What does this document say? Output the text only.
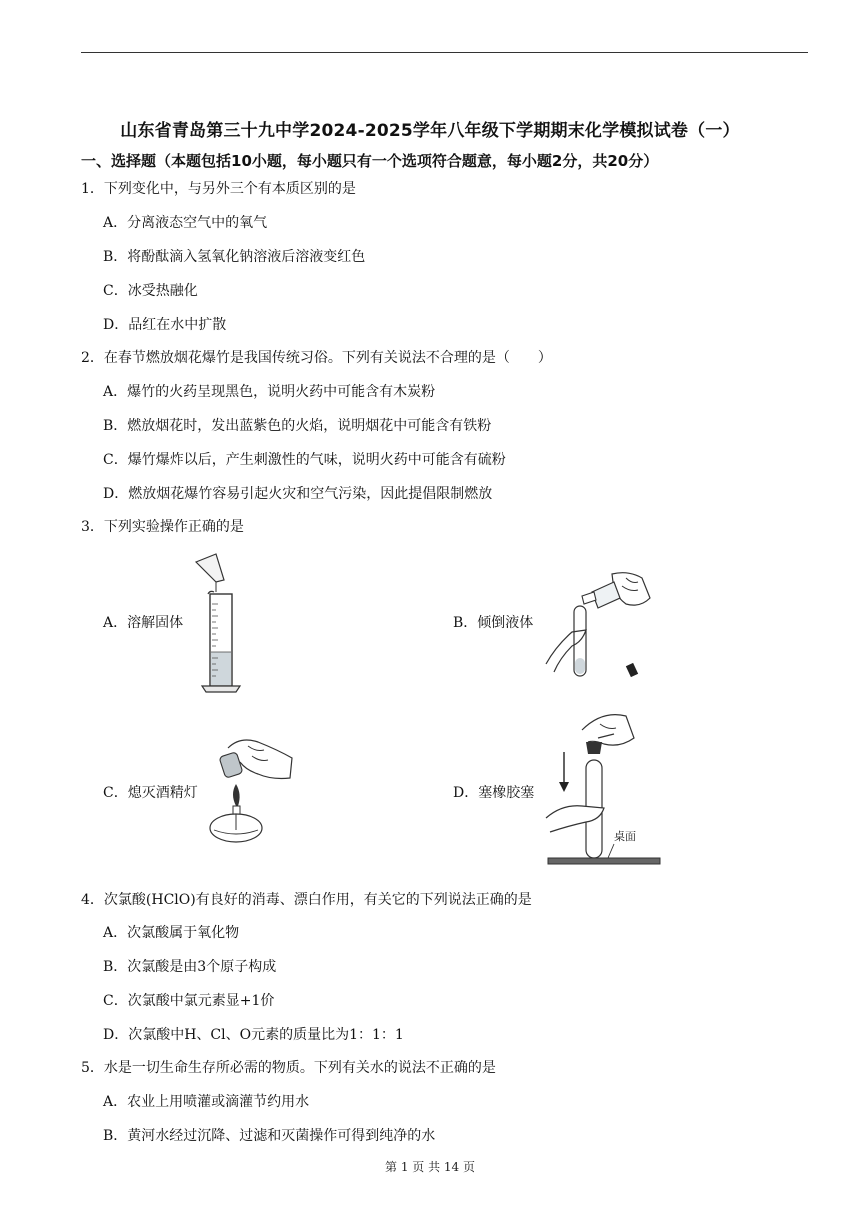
山东省青岛第三十九中学2024-2025学年八年级下学期期末化学模拟试卷（一）
一、选择题（本题包括10小题，每小题只有一个选项符合题意，每小题2分，共20分）
1．下列变化中，与另外三个有本质区别的是
A．分离液态空气中的氧气
B．将酚酞滴入氢氧化钠溶液后溶液变红色
C．冰受热融化
D．品红在水中扩散
2．在春节燃放烟花爆竹是我国传统习俗。下列有关说法不合理的是（　　）
A．爆竹的火药呈现黑色，说明火药中可能含有木炭粉
B．燃放烟花时，发出蓝紫色的火焰，说明烟花中可能含有铁粉
C．爆竹爆炸以后，产生刺激性的气味，说明火药中可能含有硫粉
D．燃放烟花爆竹容易引起火灾和空气污染，因此提倡限制燃放
3．下列实验操作正确的是
A．溶解固体	B．倾倒液体
C．熄灭酒精灯	D．塞橡胶塞
桌面
4．次氯酸(HClO)有良好的消毒、漂白作用，有关它的下列说法正确的是
A．次氯酸属于氧化物
B．次氯酸是由3个原子构成
C．次氯酸中氯元素显+1价
D．次氯酸中H、Cl、O元素的质量比为1：1：1
5．水是一切生命生存所必需的物质。下列有关水的说法不正确的是
A．农业上用喷灌或滴灌节约用水
B．黄河水经过沉降、过滤和灭菌操作可得到纯净的水
第 1 页 共 14 页
